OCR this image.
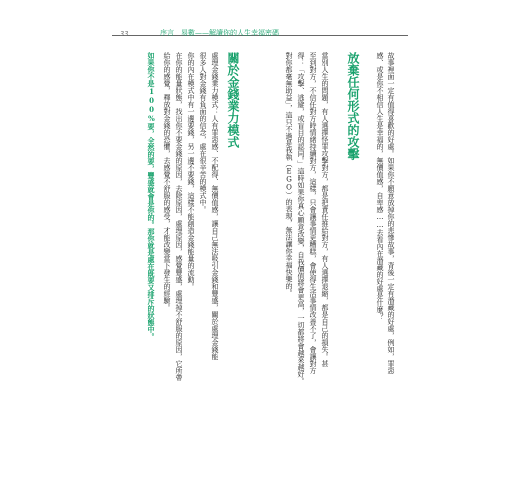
33	序言　易數——解讀你的人生幸福密碼
故事裡面一定有值得喜歡的好處。如果你不願意放掉你的悲慘故事，背後一定有潛藏的好處，例如，罪惡
感、或是你不相信人生是幸福的，無價值感，自卑感……去看內在潛藏的好處是什麼？
放棄任何形式的攻擊
當別人生的問題，有人選擇怪罪攻擊對方，都是把責任推給對方，有人選擇退縮，都是自己的損失。甚
至到對方，不信任對方時情緒持續對方，這樣，只會讓事情更糟糕，會使得生活事情改善不了，會讓對方
得：「攻擊、逃避，或盲目的認同。」這時如果你真心願意改變，自我價值將會更高，一切都將會越來越好。
對你都毫無助益」，這只不過是我執（EGO）的表現，無法讓你幸福快樂的。
關於金錢業力模式
處理金錢業力模式：人有罪惡感、不配得、無價值感，讓自己無法吸引金錢和豐盛，關於處理金錢能
很多人對金錢有負面的信念，處在很辛苦的模式中。
你的內在模式中有一邊要錢，另一邊不要錢，這樣不能創造金錢能量的流動。
在你的能量狀態，找出你不要金錢的原因，去除原因，處理原因，感覺豐盛，處理掉不舒服的原因，它所帶
給你的感覺，釋放對金錢的恐懼，去感覺不舒服的感受，才能改變當下發生的經驗。
如果你不是100%要，全然的要，豐盛就會是你的。那你就是處在既要又排斥的狀態中。
